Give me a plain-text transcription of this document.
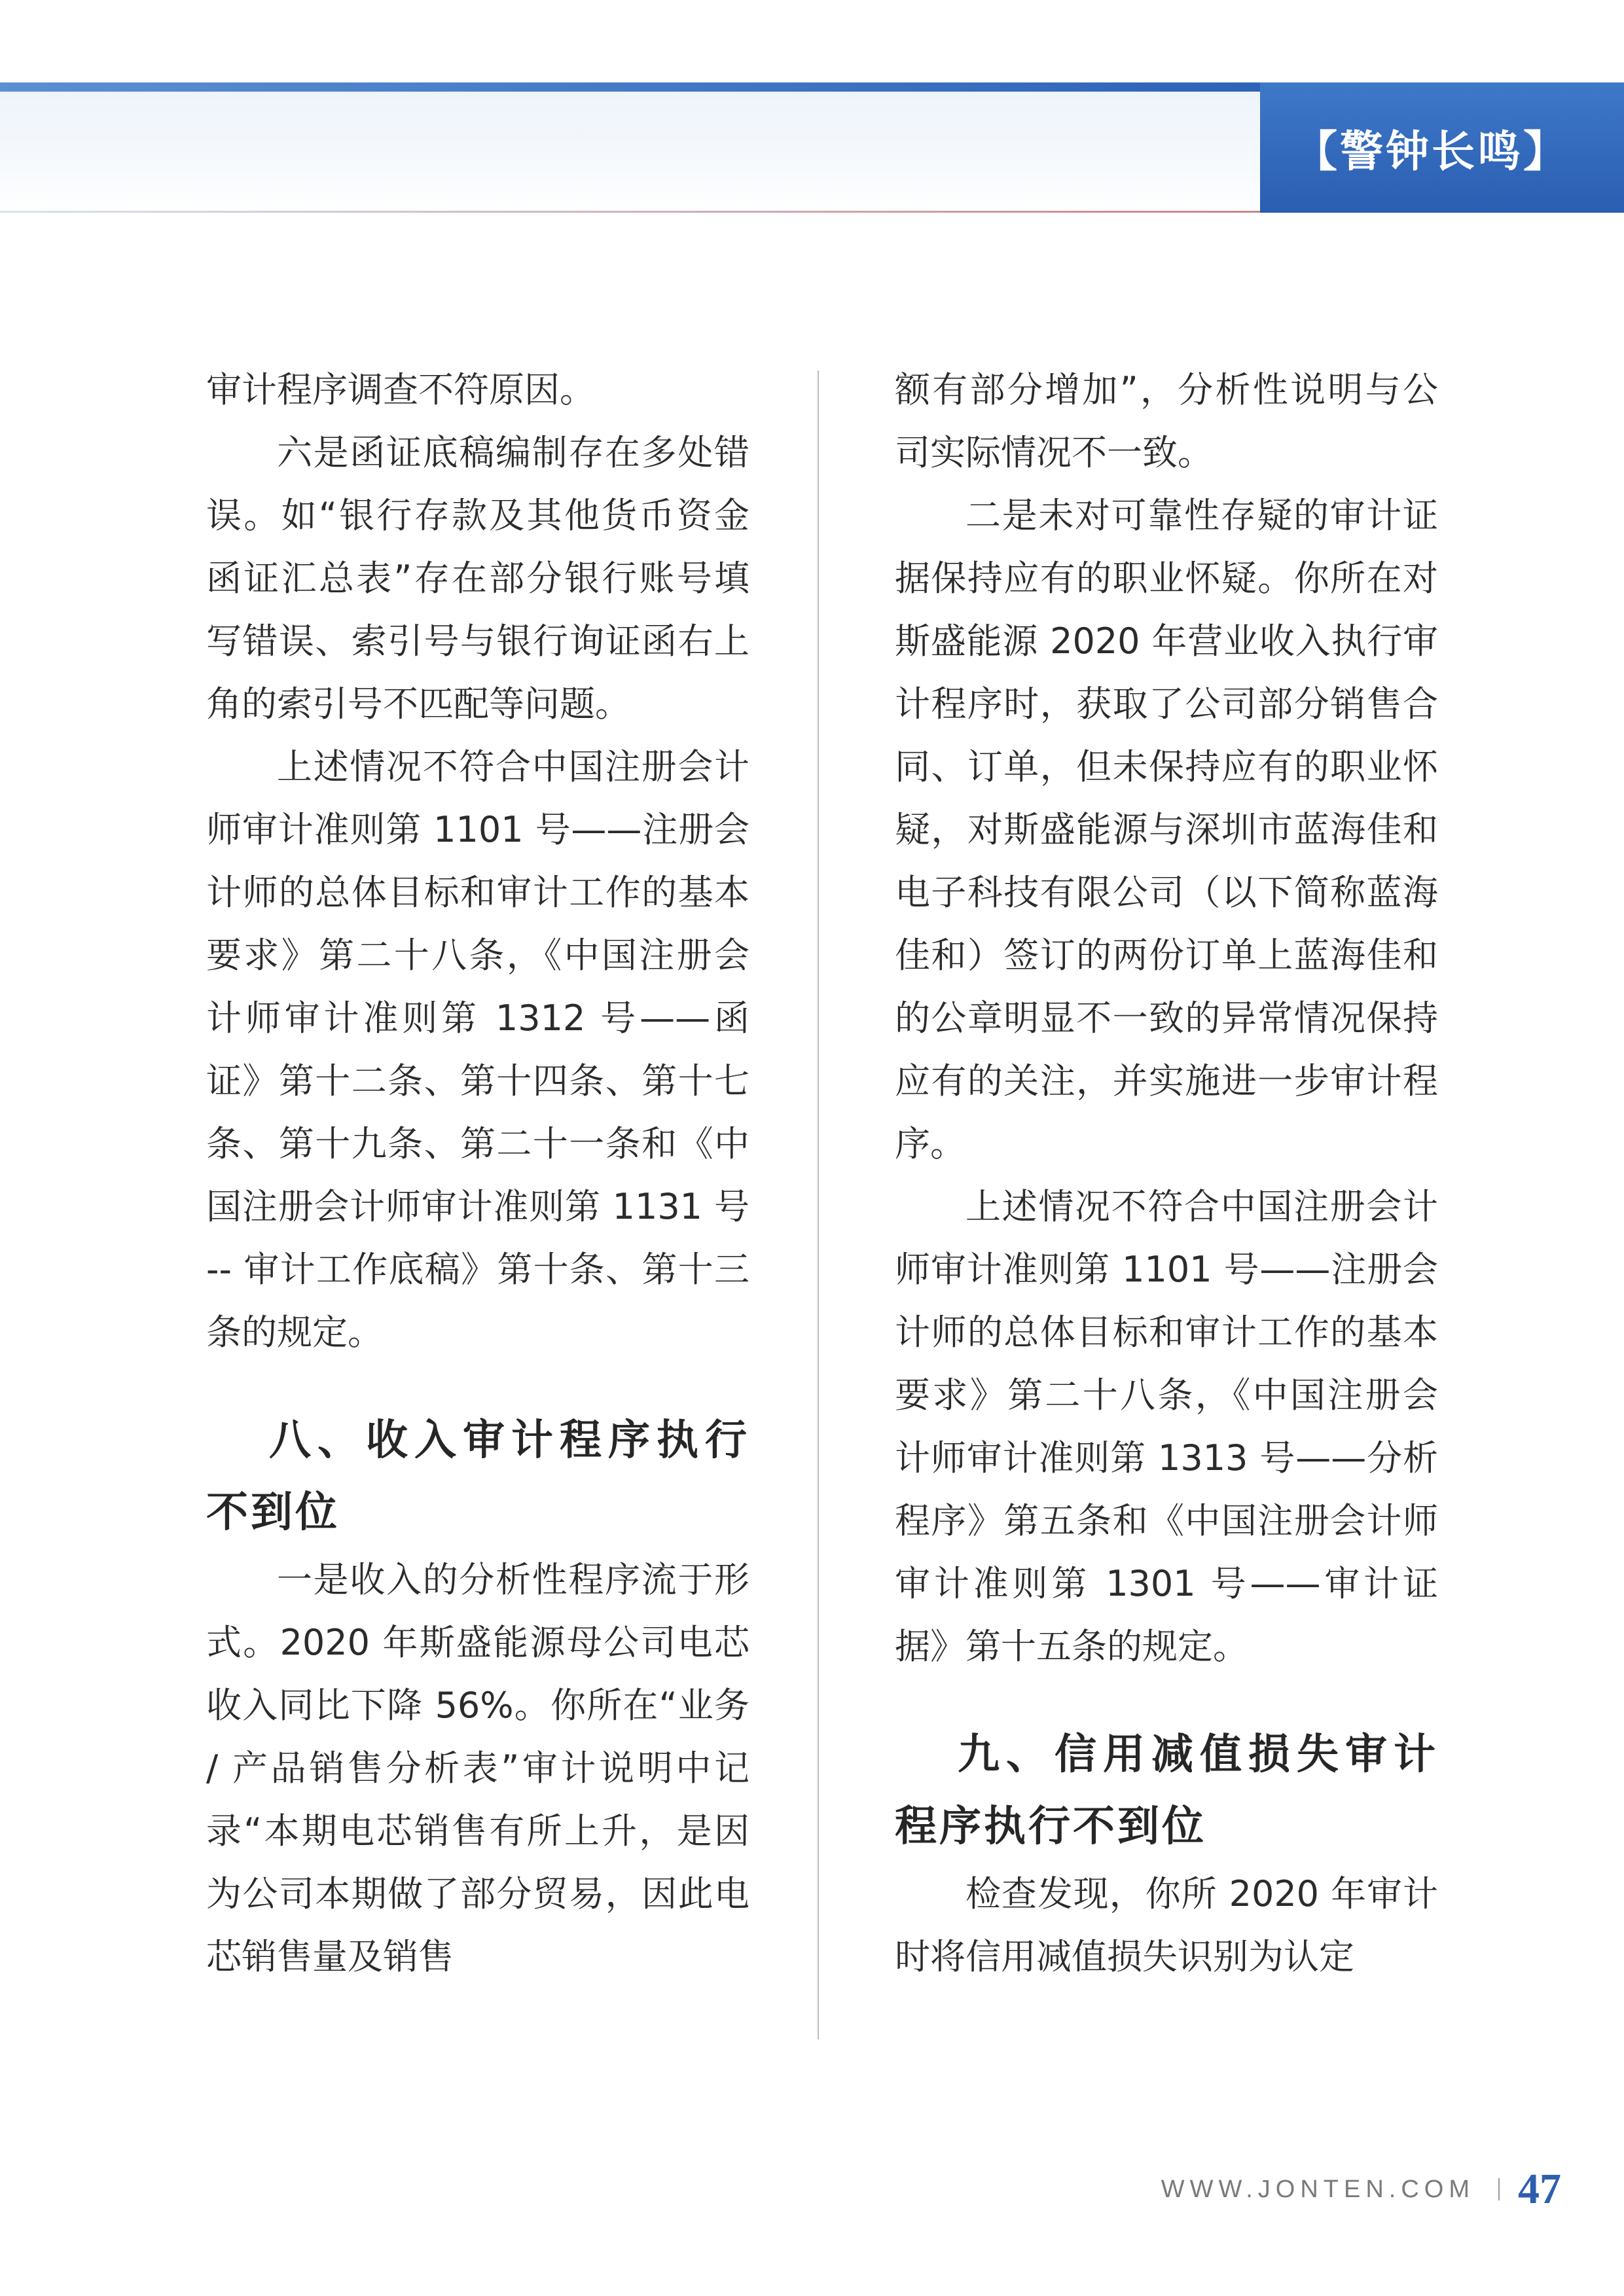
【警钟长鸣】

审计程序调查不符原因。

六是函证底稿编制存在多处错误。如“银行存款及其他货币资金函证汇总表”存在部分银行账号填写错误、索引号与银行询证函右上角的索引号不匹配等问题。

上述情况不符合中国注册会计师审计准则第 1101 号——注册会计师的总体目标和审计工作的基本要求》第二十八条，《中国注册会计师审计准则第 1312 号——函证》第十二条、第十四条、第十七条、第十九条、第二十一条和《中国注册会计师审计准则第 1131 号 -- 审计工作底稿》第十条、第十三条的规定。

八、收入审计程序执行不到位

一是收入的分析性程序流于形式。2020 年斯盛能源母公司电芯收入同比下降 56%。你所在“业务 / 产品销售分析表”审计说明中记录“本期电芯销售有所上升，是因为公司本期做了部分贸易，因此电芯销售量及销售

额有部分增加”，分析性说明与公司实际情况不一致。

二是未对可靠性存疑的审计证据保持应有的职业怀疑。你所在对斯盛能源 2020 年营业收入执行审计程序时，获取了公司部分销售合同、订单，但未保持应有的职业怀疑，对斯盛能源与深圳市蓝海佳和电子科技有限公司（以下简称蓝海佳和）签订的两份订单上蓝海佳和的公章明显不一致的异常情况保持应有的关注，并实施进一步审计程序。

上述情况不符合中国注册会计师审计准则第 1101 号——注册会计师的总体目标和审计工作的基本要求》第二十八条，《中国注册会计师审计准则第 1313 号——分析程序》第五条和《中国注册会计师审计准则第 1301 号——审计证据》第十五条的规定。

九、信用减值损失审计程序执行不到位

检查发现，你所 2020 年审计时将信用减值损失识别为认定

WWW.JONTEN.COM 47
